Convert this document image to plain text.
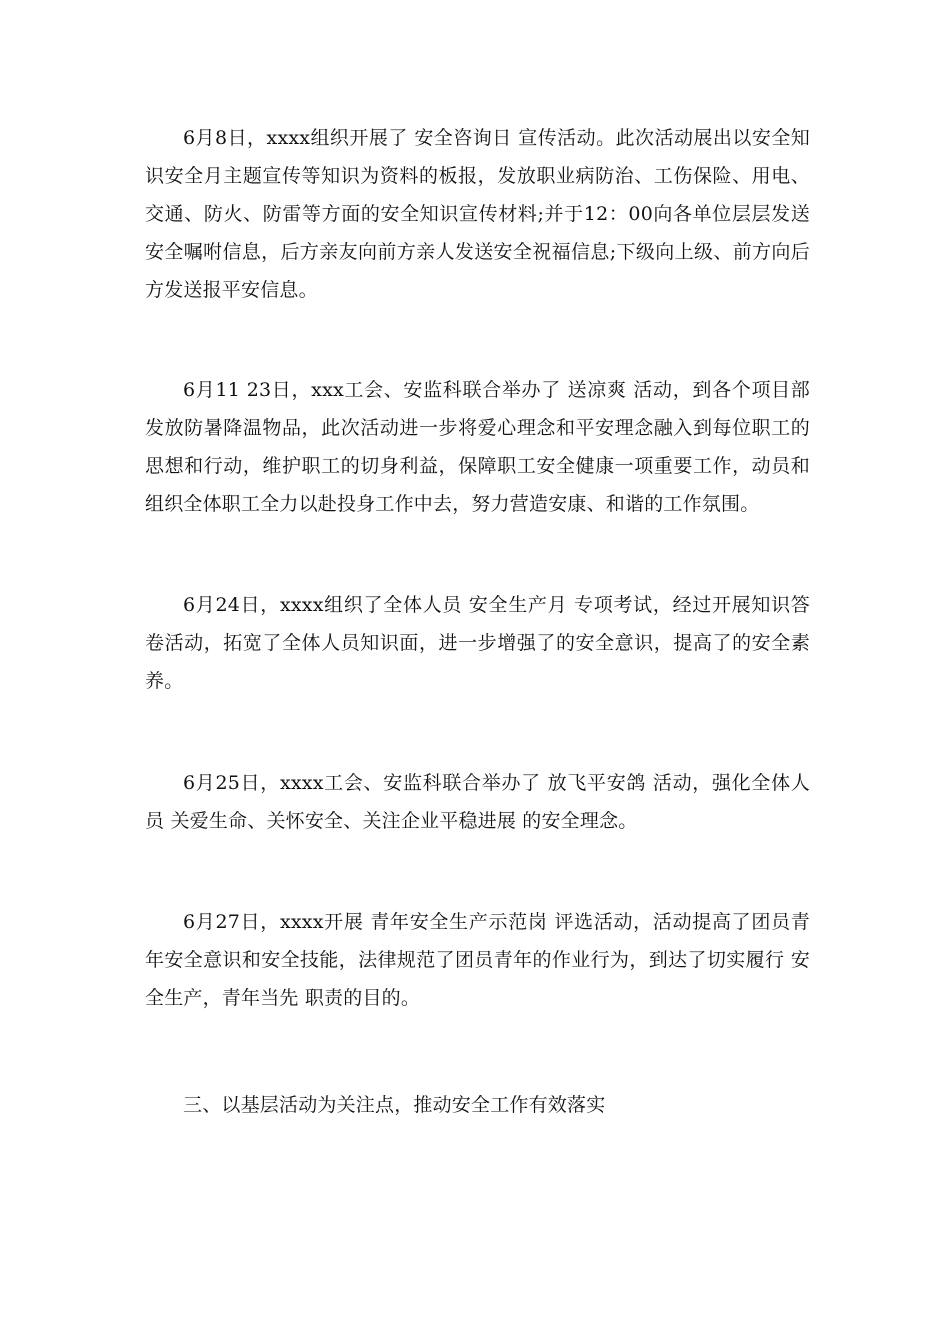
6月8日，xxxx组织开展了 安全咨询日 宣传活动。此次活动展出以安全知识安全月主题宣传等知识为资料的板报，发放职业病防治、工伤保险、用电、交通、防火、防雷等方面的安全知识宣传材料;并于12：00向各单位层层发送安全嘱咐信息，后方亲友向前方亲人发送安全祝福信息;下级向上级、前方向后方发送报平安信息。

6月11 23日，xxx工会、安监科联合举办了 送凉爽 活动，到各个项目部发放防暑降温物品，此次活动进一步将爱心理念和平安理念融入到每位职工的思想和行动，维护职工的切身利益，保障职工安全健康一项重要工作，动员和组织全体职工全力以赴投身工作中去，努力营造安康、和谐的工作氛围。

6月24日，xxxx组织了全体人员 安全生产月 专项考试，经过开展知识答卷活动，拓宽了全体人员知识面，进一步增强了的安全意识，提高了的安全素养。

6月25日，xxxx工会、安监科联合举办了 放飞平安鸽 活动，强化全体人员 关爱生命、关怀安全、关注企业平稳进展 的安全理念。

6月27日，xxxx开展 青年安全生产示范岗 评选活动，活动提高了团员青年安全意识和安全技能，法律规范了团员青年的作业行为，到达了切实履行 安全生产，青年当先 职责的目的。

三、以基层活动为关注点，推动安全工作有效落实
